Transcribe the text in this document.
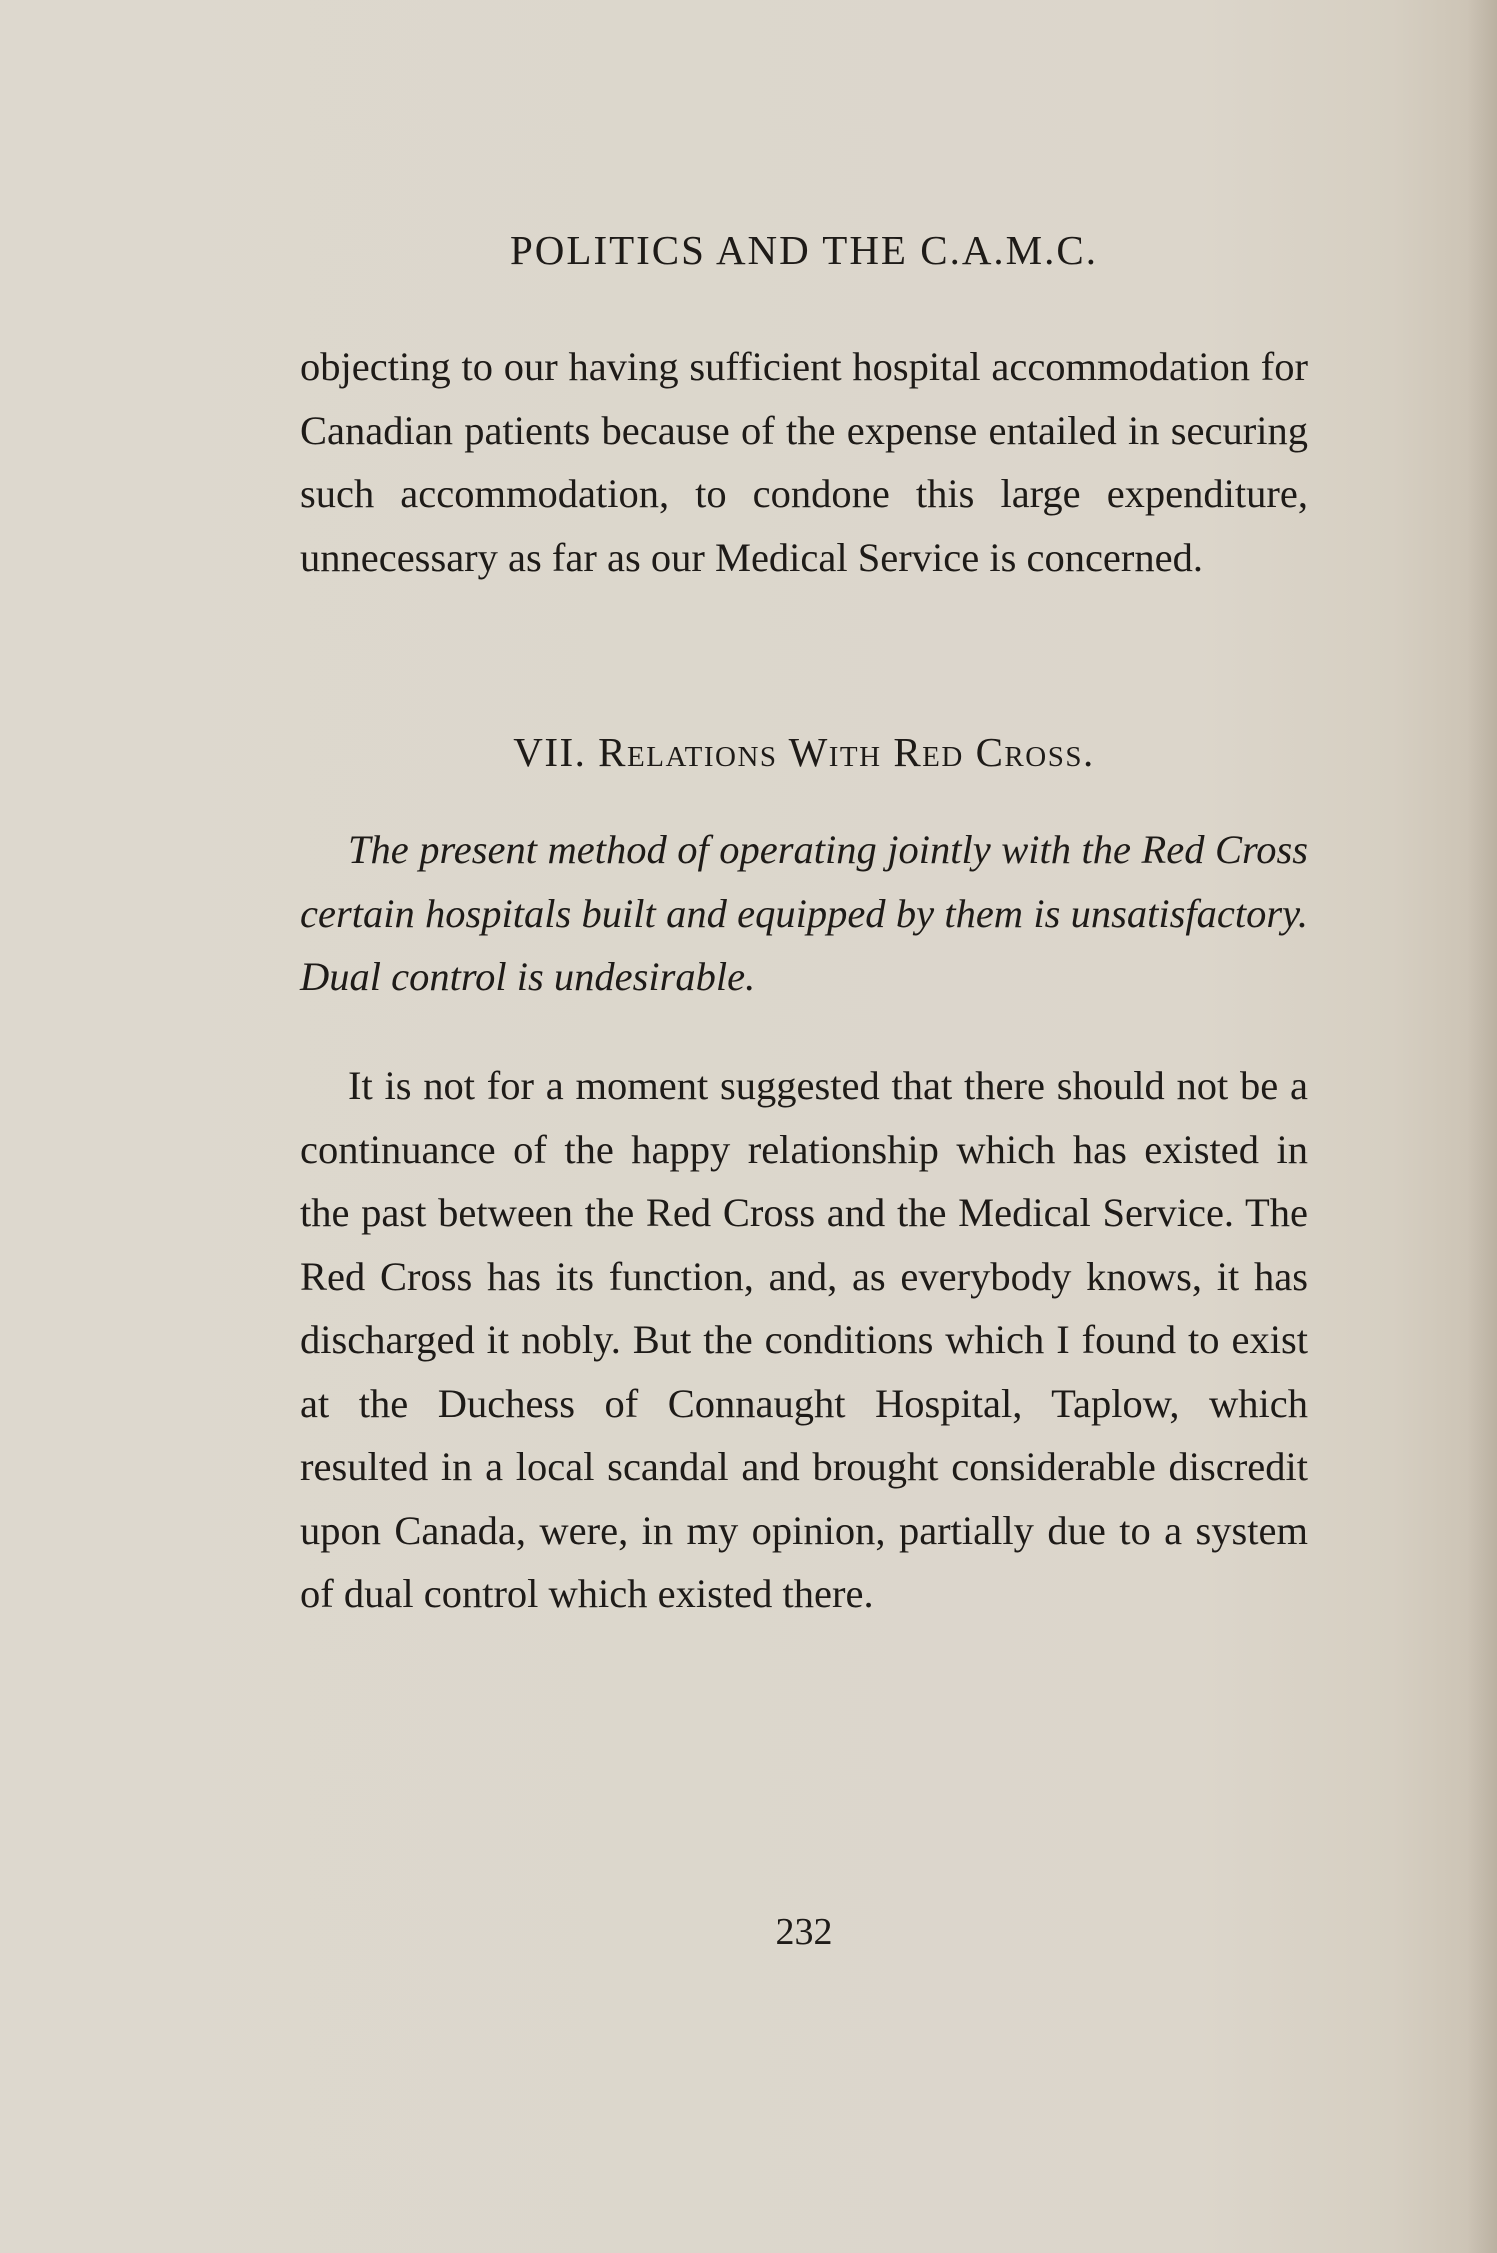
POLITICS AND THE C.A.M.C.

objecting to our having sufficient hospital accommodation for Canadian patients because of the expense entailed in securing such accommodation, to condone this large expenditure, unnecessary as far as our Medical Service is concerned.

VII. Relations With Red Cross.

The present method of operating jointly with the Red Cross certain hospitals built and equipped by them is unsatisfactory. Dual control is undesirable.

It is not for a moment suggested that there should not be a continuance of the happy relationship which has existed in the past between the Red Cross and the Medical Service. The Red Cross has its function, and, as everybody knows, it has discharged it nobly. But the conditions which I found to exist at the Duchess of Connaught Hospital, Taplow, which resulted in a local scandal and brought considerable discredit upon Canada, were, in my opinion, partially due to a system of dual control which existed there.

232
